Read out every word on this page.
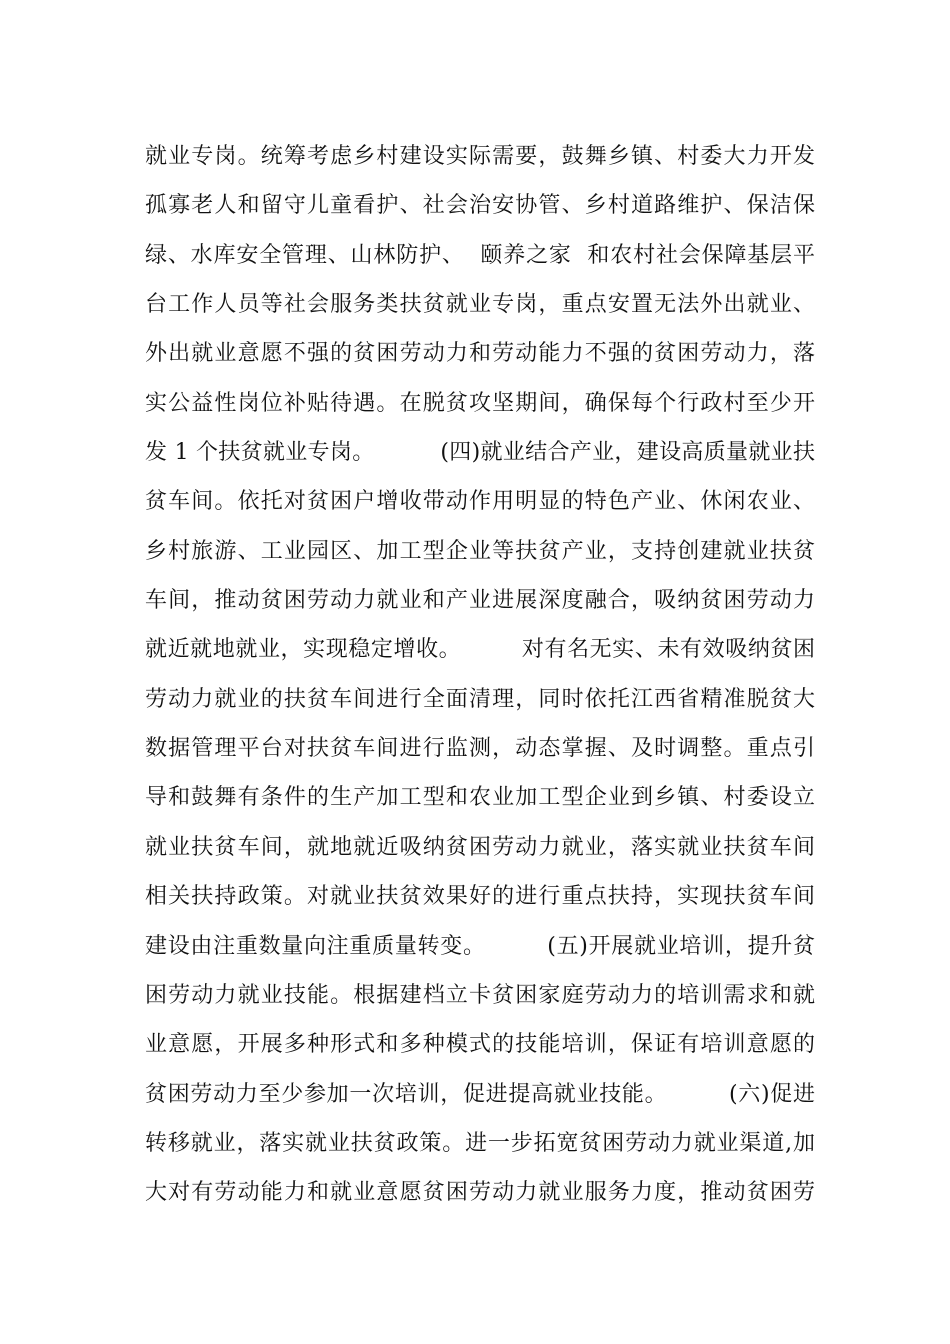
就业专岗。统筹考虑乡村建设实际需要，鼓舞乡镇、村委大力开发
孤寡老人和留守儿童看护、社会治安协管、乡村道路维护、保洁保
绿、水库安全管理、山林防护、  颐养之家  和农村社会保障基层平
台工作人员等社会服务类扶贫就业专岗，重点安置无法外出就业、
外出就业意愿不强的贫困劳动力和劳动能力不强的贫困劳动力，落
实公益性岗位补贴待遇。在脱贫攻坚期间，确保每个行政村至少开
发 1 个扶贫就业专岗。         (四)就业结合产业，建设高质量就业扶
贫车间。依托对贫困户增收带动作用明显的特色产业、休闲农业、
乡村旅游、工业园区、加工型企业等扶贫产业，支持创建就业扶贫
车间，推动贫困劳动力就业和产业进展深度融合，吸纳贫困劳动力
就近就地就业，实现稳定增收。        对有名无实、未有效吸纳贫困
劳动力就业的扶贫车间进行全面清理，同时依托江西省精准脱贫大
数据管理平台对扶贫车间进行监测，动态掌握、及时调整。重点引
导和鼓舞有条件的生产加工型和农业加工型企业到乡镇、村委设立
就业扶贫车间，就地就近吸纳贫困劳动力就业，落实就业扶贫车间
相关扶持政策。对就业扶贫效果好的进行重点扶持，实现扶贫车间
建设由注重数量向注重质量转变。        (五)开展就业培训，提升贫
困劳动力就业技能。根据建档立卡贫困家庭劳动力的培训需求和就
业意愿，开展多种形式和多种模式的技能培训，保证有培训意愿的
贫困劳动力至少参加一次培训，促进提高就业技能。        (六)促进
转移就业，落实就业扶贫政策。进一步拓宽贫困劳动力就业渠道,加
大对有劳动能力和就业意愿贫困劳动力就业服务力度，推动贫困劳
